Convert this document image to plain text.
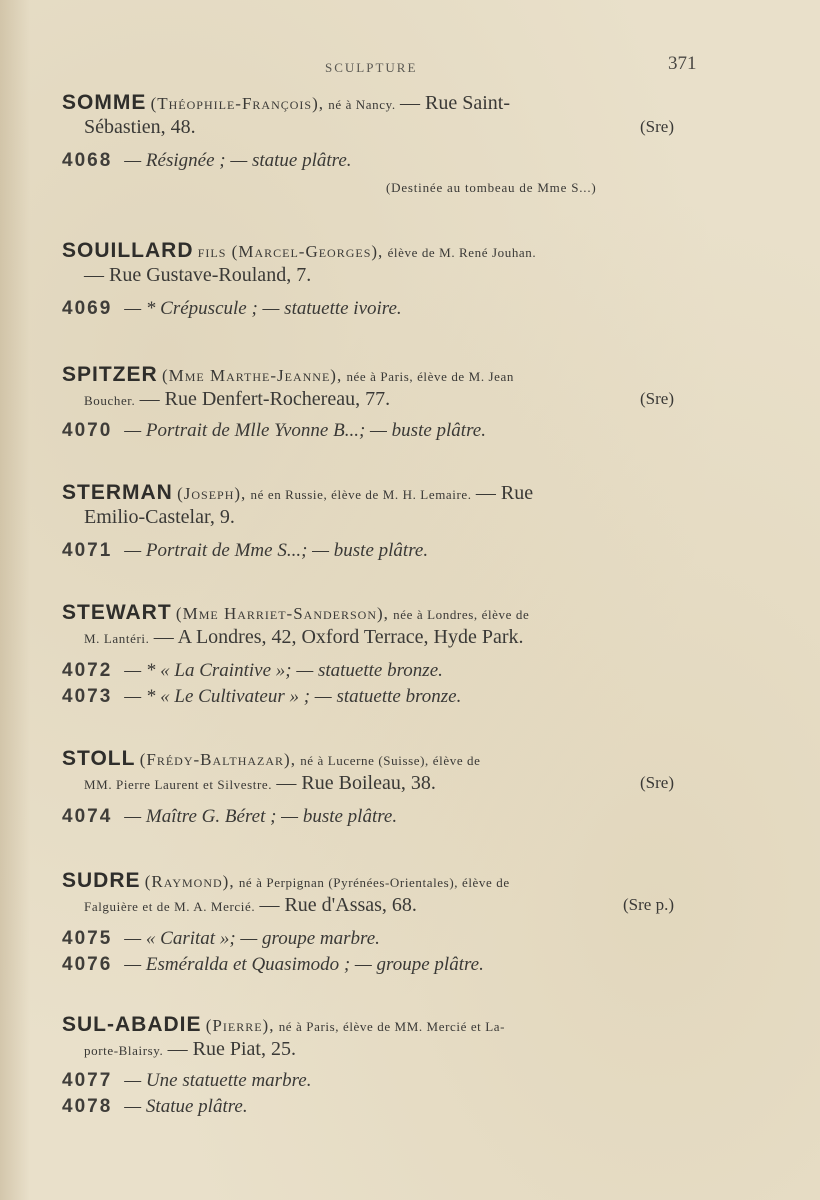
SCULPTURE	371
SOMME (Théophile-François), né à Nancy. — Rue Saint-
Sébastien, 48.	(Sre)
4068 — Résignée ; — statue plâtre.
(Destinée au tombeau de Mme S...)
SOUILLARD fils (Marcel-Georges), élève de M. René Jouhan.
— Rue Gustave-Rouland, 7.
4069 — * Crépuscule ; — statuette ivoire.
SPITZER (Mme Marthe-Jeanne), née à Paris, élève de M. Jean
Boucher. — Rue Denfert-Rochereau, 77.	(Sre)
4070 — Portrait de Mlle Yvonne B...; — buste plâtre.
STERMAN (Joseph), né en Russie, élève de M. H. Lemaire. — Rue
Emilio-Castelar, 9.
4071 — Portrait de Mme S...; — buste plâtre.
STEWART (Mme Harriet-Sanderson), née à Londres, élève de
M. Lantéri. — A Londres, 42, Oxford Terrace, Hyde Park.
4072 — * « La Craintive »; — statuette bronze.
4073 — * « Le Cultivateur » ; — statuette bronze.
STOLL (Frédy-Balthazar), né à Lucerne (Suisse), élève de
MM. Pierre Laurent et Silvestre. — Rue Boileau, 38.	(Sre)
4074 — Maître G. Béret ; — buste plâtre.
SUDRE (Raymond), né à Perpignan (Pyrénées-Orientales), élève de
Falguière et de M. A. Mercié. — Rue d'Assas, 68.	(Sre p.)
4075 — « Caritat »; — groupe marbre.
4076 — Esméralda et Quasimodo ; — groupe plâtre.
SUL-ABADIE (Pierre), né à Paris, élève de MM. Mercié et La-
porte-Blairsy. — Rue Piat, 25.
4077 — Une statuette marbre.
4078 — Statue plâtre.
